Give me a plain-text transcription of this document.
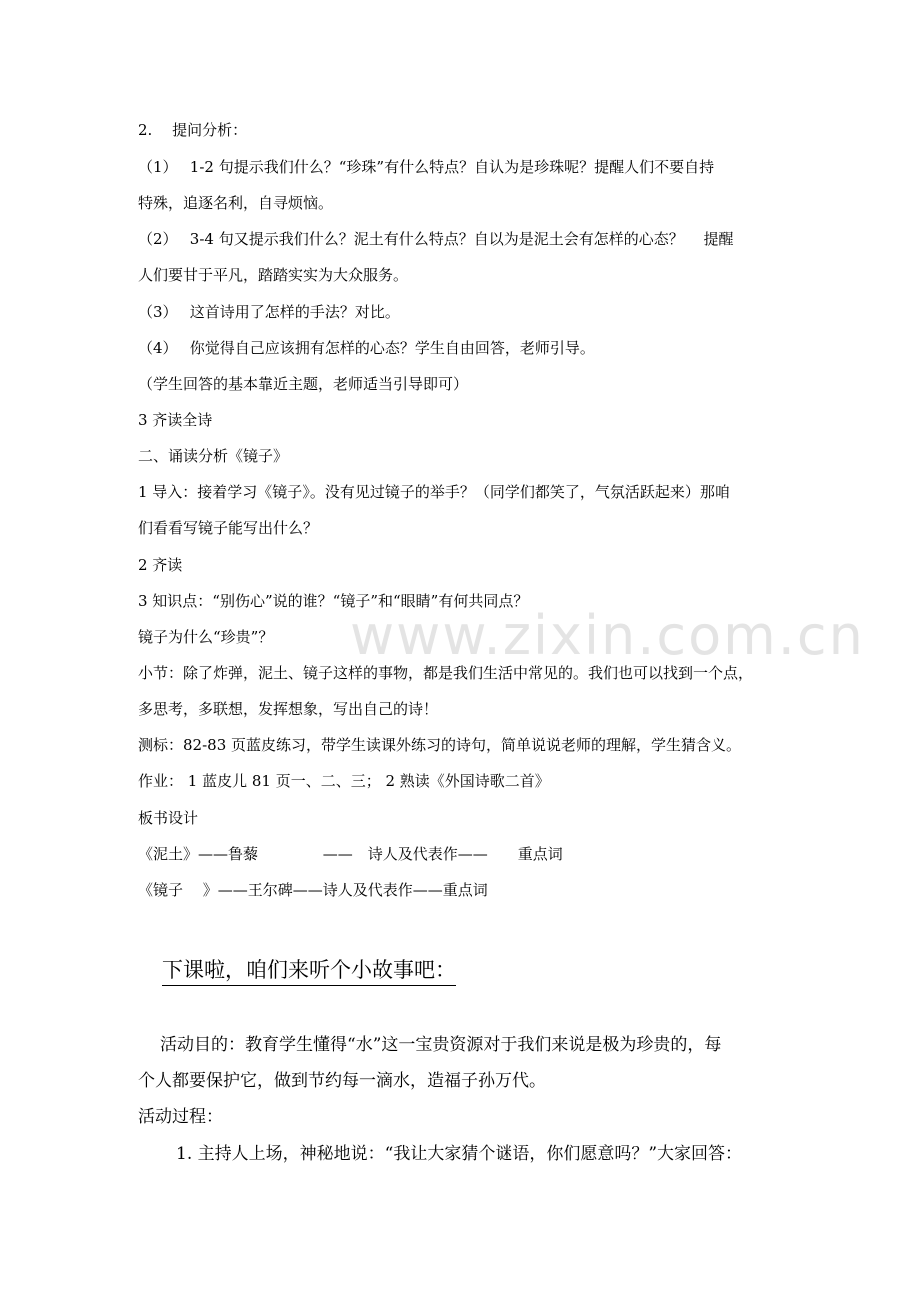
www.zixin.com.cn
2.　 提问分析：
（1）　 1-2 句提示我们什么？“珍珠”有什么特点？自认为是珍珠呢？提醒人们不要自持
特殊，追逐名利，自寻烦恼。
（2）　 3-4 句又提示我们什么？泥土有什么特点？自以为是泥土会有怎样的心态？　 提醒
人们要甘于平凡，踏踏实实为大众服务。
（3）　 这首诗用了怎样的手法？对比。
（4）　 你觉得自己应该拥有怎样的心态？学生自由回答，老师引导。
（学生回答的基本靠近主题，老师适当引导即可）
3 齐读全诗
二、诵读分析《镜子》
1 导入：接着学习《镜子》。没有见过镜子的举手？（同学们都笑了，气氛活跃起来）那咱
们看看写镜子能写出什么？
2 齐读
3 知识点：“别伤心”说的谁？“镜子”和“眼睛”有何共同点？
镜子为什么“珍贵”？
小节：除了炸弹，泥土、镜子这样的事物，都是我们生活中常见的。我们也可以找到一个点，
多思考，多联想，发挥想象，写出自己的诗！
测标：82-83 页蓝皮练习，带学生读课外练习的诗句，简单说说老师的理解，学生猜含义。
作业： 1 蓝皮儿 81 页一、二、三； 2 熟读《外国诗歌二首》
板书设计
《泥土》——鲁藜　　　　 ——　诗人及代表作——　　重点词
《镜子　 》——王尔碑——诗人及代表作——重点词
下课啦，咱们来听个小故事吧：
活动目的：教育学生懂得“水”这一宝贵资源对于我们来说是极为珍贵的，每
个人都要保护它，做到节约每一滴水，造福子孙万代。
活动过程：
1. 主持人上场，神秘地说：“我让大家猜个谜语，你们愿意吗？”大家回答：
